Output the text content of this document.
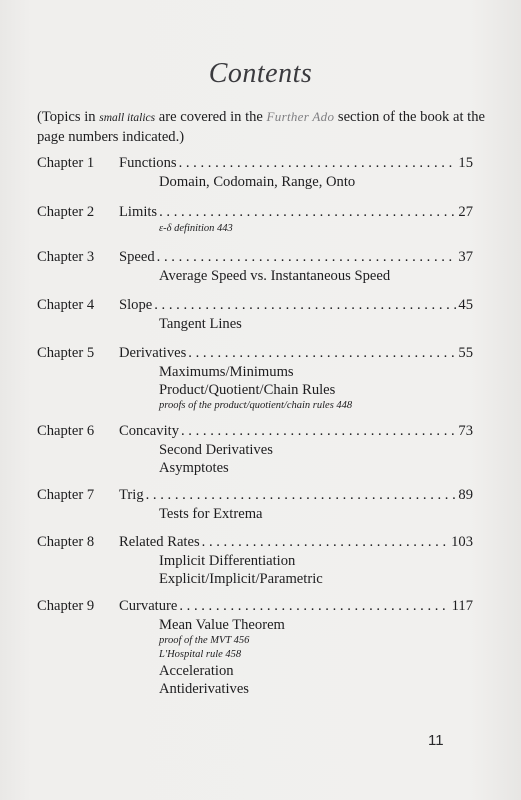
Contents
(Topics in small italics are covered in the Further Ado section of the book at the page numbers indicated.)
Chapter 1	Functions . . .	15
Domain, Codomain, Range, Onto
Chapter 2	Limits . . .	27
ε-δ definition 443
Chapter 3	Speed . . .	37
Average Speed vs. Instantaneous Speed
Chapter 4	Slope . . .	45
Tangent Lines
Chapter 5	Derivatives . . .	55
Maximums/Minimums
Product/Quotient/Chain Rules
proofs of the product/quotient/chain rules 448
Chapter 6	Concavity . . .	73
Second Derivatives
Asymptotes
Chapter 7	Trig . . .	89
Tests for Extrema
Chapter 8	Related Rates . . .	103
Implicit Differentiation
Explicit/Implicit/Parametric
Chapter 9	Curvature . . .	117
Mean Value Theorem
proof of the MVT 456
L'Hospital rule 458
Acceleration
Antiderivatives
11
